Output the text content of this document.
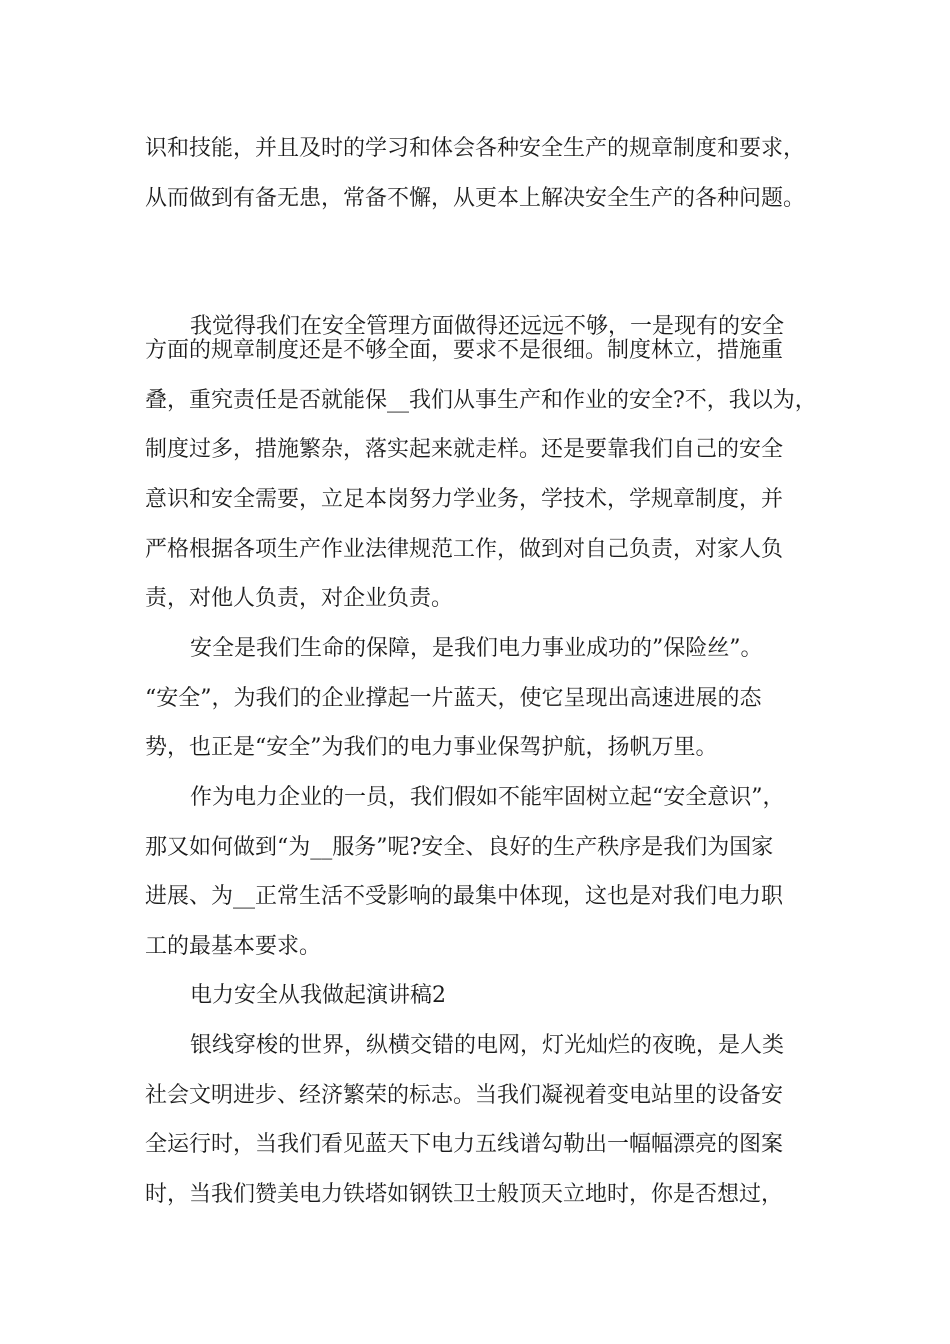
识和技能，并且及时的学习和体会各种安全生产的规章制度和要求，
从而做到有备无患，常备不懈，从更本上解决安全生产的各种问题。
我觉得我们在安全管理方面做得还远远不够，一是现有的安全
方面的规章制度还是不够全面，要求不是很细。制度林立，措施重
叠，重究责任是否就能保__我们从事生产和作业的安全?不，我以为，
制度过多，措施繁杂，落实起来就走样。还是要靠我们自己的安全
意识和安全需要，立足本岗努力学业务，学技术，学规章制度，并
严格根据各项生产作业法律规范工作，做到对自己负责，对家人负
责，对他人负责，对企业负责。
安全是我们生命的保障，是我们电力事业成功的”保险丝”。
“安全”，为我们的企业撑起一片蓝天，使它呈现出高速进展的态
势，也正是“安全”为我们的电力事业保驾护航，扬帆万里。
作为电力企业的一员，我们假如不能牢固树立起“安全意识”，
那又如何做到“为__服务”呢?安全、良好的生产秩序是我们为国家
进展、为__正常生活不受影响的最集中体现，这也是对我们电力职
工的最基本要求。
电力安全从我做起演讲稿2
银线穿梭的世界，纵横交错的电网，灯光灿烂的夜晚，是人类
社会文明进步、经济繁荣的标志。当我们凝视着变电站里的设备安
全运行时，当我们看见蓝天下电力五线谱勾勒出一幅幅漂亮的图案
时，当我们赞美电力铁塔如钢铁卫士般顶天立地时，你是否想过，
